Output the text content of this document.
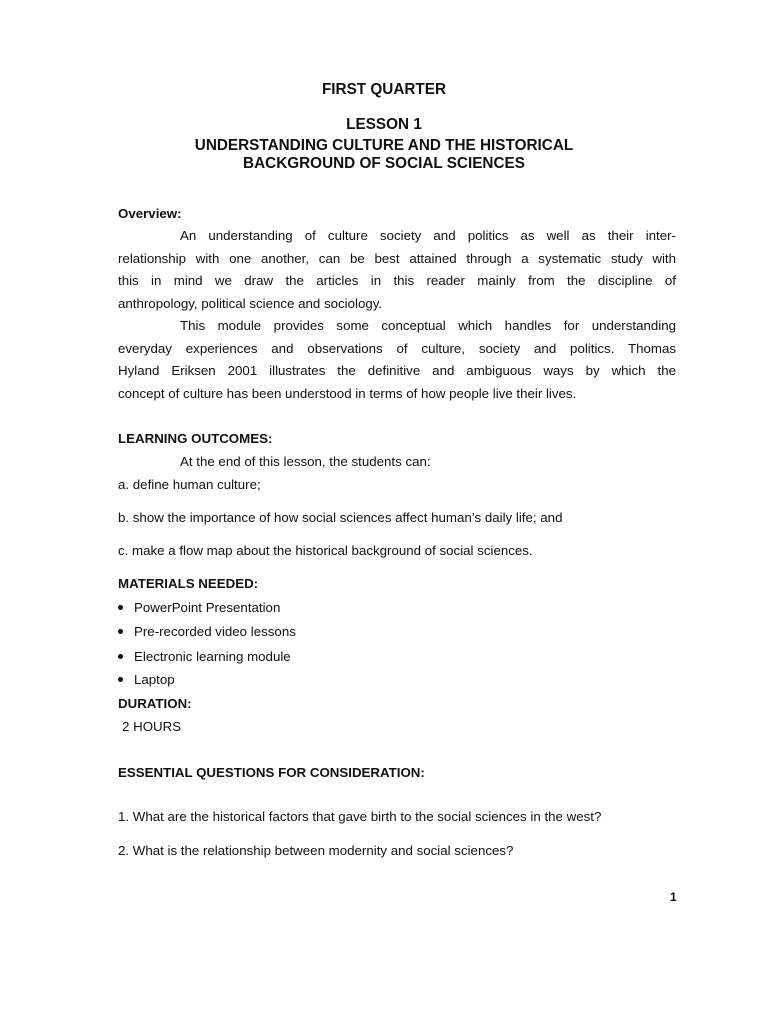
FIRST QUARTER
LESSON 1
UNDERSTANDING CULTURE AND THE HISTORICAL
BACKGROUND OF SOCIAL SCIENCES
Overview:
An understanding of culture society and politics as well as their inter-
relationship with one another, can be best attained through a systematic study with
this in mind we draw the articles in this reader mainly from the discipline of
anthropology, political science and sociology.
This module provides some conceptual which handles for understanding
everyday experiences and observations of culture, society and politics. Thomas
Hyland Eriksen 2001 illustrates the definitive and ambiguous ways by which the
concept of culture has been understood in terms of how people live their lives.
LEARNING OUTCOMES:
At the end of this lesson, the students can:
a. define human culture;
b. show the importance of how social sciences affect human’s daily life; and
c. make a flow map about the historical background of social sciences.
MATERIALS NEEDED:
PowerPoint Presentation
Pre-recorded video lessons
Electronic learning module
Laptop
DURATION:
2 HOURS
ESSENTIAL QUESTIONS FOR CONSIDERATION:
1. What are the historical factors that gave birth to the social sciences in the west?
2. What is the relationship between modernity and social sciences?
1
